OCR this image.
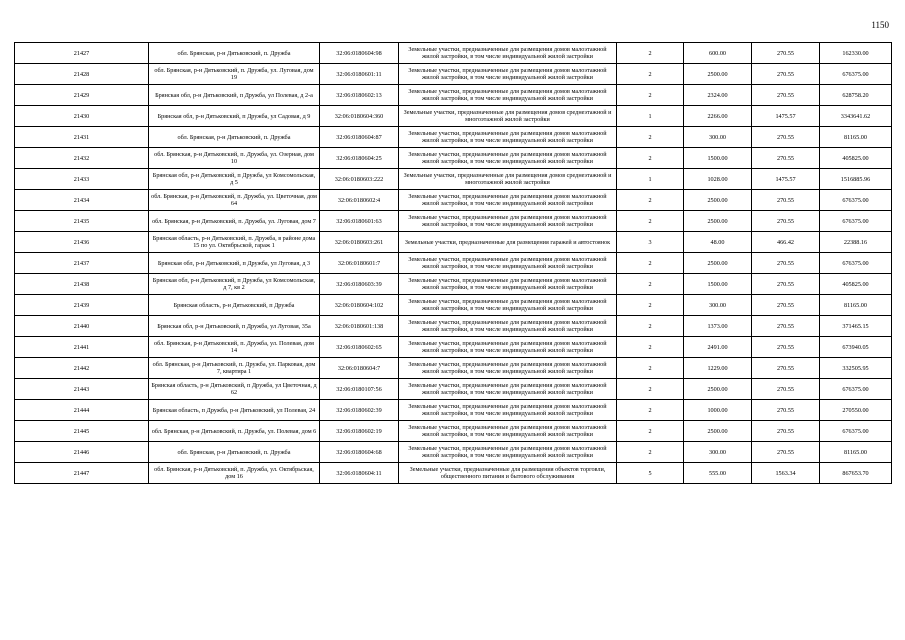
1150
21427	обл. Брянская, р-н Дятьковский, п. Дружба	32:06:0180604:98	Земельные участки, предназначенные для размещения домов малоэтажной жилой застройки, в том числе индивидуальной жилой застройки	2	600.00	270.55	162330.00
21428	обл. Брянская, р-н Дятьковский, п. Дружба, ул. Луговая, дом 19	32:06:0180601:11	Земельные участки, предназначенные для размещения домов малоэтажной жилой застройки, в том числе индивидуальной жилой застройки	2	2500.00	270.55	676375.00
21429	Брянская обл, р-н Дятьковский, п Дружба, ул Полевая, д 2-а	32:06:0180602:13	Земельные участки, предназначенные для размещения домов малоэтажной жилой застройки, в том числе индивидуальной жилой застройки	2	2324.00	270.55	628758.20
21430	Брянская обл, р-н Дятьковский, п Дружба, ул Садовая, д 9	32:06:0180604:360	Земельные участки, предназначенные для размещения домов среднеэтажной и многоэтажной жилой застройки	1	2266.00	1475.57	3343641.62
21431	обл. Брянская, р-н Дятьковский, п. Дружба	32:06:0180604:87	Земельные участки, предназначенные для размещения домов малоэтажной жилой застройки, в том числе индивидуальной жилой застройки	2	300.00	270.55	81165.00
21432	обл. Брянская, р-н Дятьковский, п. Дружба, ул. Озерная, дом 10	32:06:0180604:25	Земельные участки, предназначенные для размещения домов малоэтажной жилой застройки, в том числе индивидуальной жилой застройки	2	1500.00	270.55	405825.00
21433	Брянская обл, р-н Дятьковский, п Дружба, ул Комсомольская, д 5	32:06:0180603:222	Земельные участки, предназначенные для размещения домов среднеэтажной и многоэтажной жилой застройки	1	1028.00	1475.57	1516885.96
21434	обл. Брянская, р-н Дятьковский, п. Дружба, ул. Цветочная, дом 64	32:06:0180602:4	Земельные участки, предназначенные для размещения домов малоэтажной жилой застройки, в том числе индивидуальной жилой застройки	2	2500.00	270.55	676375.00
21435	обл. Брянская, р-н Дятьковский, п. Дружба, ул. Луговая, дом 7	32:06:0180601:63	Земельные участки, предназначенные для размещения домов малоэтажной жилой застройки, в том числе индивидуальной жилой застройки	2	2500.00	270.55	676375.00
21436	Брянская область, р-н Дятьковский, п. Дружба, в районе дома 15 по ул. Октябрьской, гараж 1	32:06:0180603:261	Земельные участки, предназначенные для размещения гаражей и автостоянок	3	48.00	466.42	22388.16
21437	Брянская обл, р-н Дятьковский, п Дружба, ул Луговая, д 3	32:06:0180601:7	Земельные участки, предназначенные для размещения домов малоэтажной жилой застройки, в том числе индивидуальной жилой застройки	2	2500.00	270.55	676375.00
21438	Брянская обл, р-н Дятьковский, п Дружба, ул Комсомольская, д 7, кв 2	32:06:0180603:39	Земельные участки, предназначенные для размещения домов малоэтажной жилой застройки, в том числе индивидуальной жилой застройки	2	1500.00	270.55	405825.00
21439	Брянская область, р-н Дятьковский, п Дружба	32:06:0180604:102	Земельные участки, предназначенные для размещения домов малоэтажной жилой застройки, в том числе индивидуальной жилой застройки	2	300.00	270.55	81165.00
21440	Брянская обл, р-н Дятьковский, п Дружба, ул Луговая, 35а	32:06:0180601:138	Земельные участки, предназначенные для размещения домов малоэтажной жилой застройки, в том числе индивидуальной жилой застройки	2	1373.00	270.55	371465.15
21441	обл. Брянская, р-н Дятьковский, п. Дружба, ул. Полевая, дом 14	32:06:0180602:65	Земельные участки, предназначенные для размещения домов малоэтажной жилой застройки, в том числе индивидуальной жилой застройки	2	2491.00	270.55	673940.05
21442	обл. Брянская, р-н Дятьковский, п. Дружба, ул. Парковая, дом 7, квартира 1	32:06:0180604:7	Земельные участки, предназначенные для размещения домов малоэтажной жилой застройки, в том числе индивидуальной жилой застройки	2	1229.00	270.55	332505.95
21443	Брянская область, р-н Дятьковский, п Дружба, ул Цветочная, д 62	32:06:0180107:56	Земельные участки, предназначенные для размещения домов малоэтажной жилой застройки, в том числе индивидуальной жилой застройки	2	2500.00	270.55	676375.00
21444	Брянская область, п Дружба, р-н Дятьковский, ул Полевая, 24	32:06:0180602:39	Земельные участки, предназначенные для размещения домов малоэтажной жилой застройки, в том числе индивидуальной жилой застройки	2	1000.00	270.55	270550.00
21445	обл. Брянская, р-н Дятьковский, п. Дружба, ул. Полевая, дом 6	32:06:0180602:19	Земельные участки, предназначенные для размещения домов малоэтажной жилой застройки, в том числе индивидуальной жилой застройки	2	2500.00	270.55	676375.00
21446	обл. Брянская, р-н Дятьковский, п. Дружба	32:06:0180604:68	Земельные участки, предназначенные для размещения домов малоэтажной жилой застройки, в том числе индивидуальной жилой застройки	2	300.00	270.55	81165.00
21447	обл. Брянская, р-н Дятьковский, п. Дружба, ул. Октябрьская, дом 16	32:06:0180604:11	Земельные участки, предназначенные для размещения объектов торговли, общественного питания и бытового обслуживания	5	555.00	1563.34	867653.70
